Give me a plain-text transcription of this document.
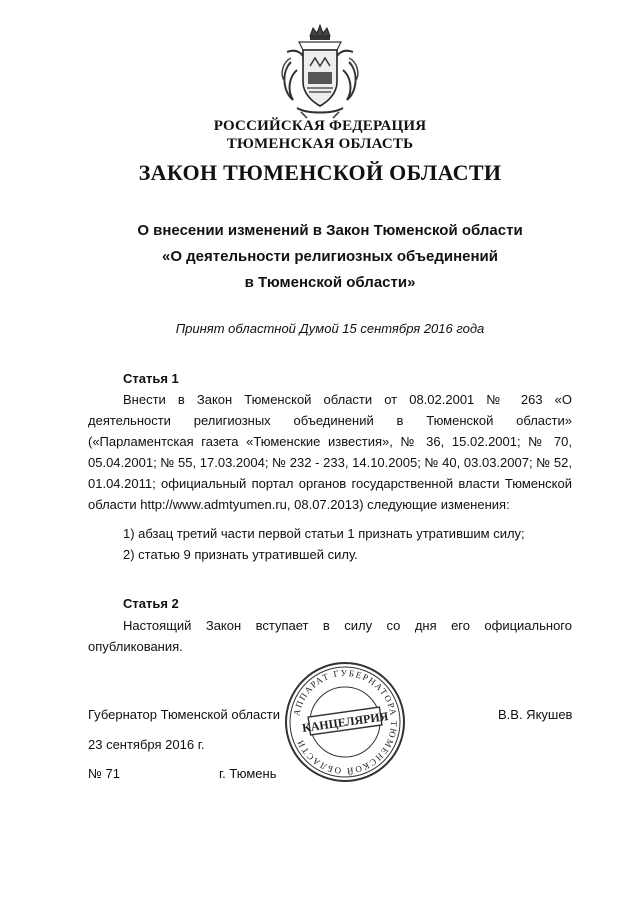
РОССИЙСКАЯ ФЕДЕРАЦИЯ
ТЮМЕНСКАЯ ОБЛАСТЬ
ЗАКОН ТЮМЕНСКОЙ ОБЛАСТИ
О внесении изменений в Закон Тюменской области
«О деятельности религиозных объединений
в Тюменской области»
Принят областной Думой 15 сентября 2016 года
Статья 1
Внести в Закон Тюменской области от 08.02.2001 № 263 «О деятельности религиозных объединений в Тюменской области» («Парламентская газета «Тюменские известия», № 36, 15.02.2001; № 70, 05.04.2001; № 55, 17.03.2004; № 232 - 233, 14.10.2005; № 40, 03.03.2007; № 52, 01.04.2011; официальный портал органов государственной власти Тюменской области http://www.admtyumen.ru, 08.07.2013) следующие изменения:
1) абзац третий части первой статьи 1 признать утратившим силу;
2) статью 9 признать утратившей силу.
Статья 2
Настоящий Закон вступает в силу со дня его официального опубликования.
Губернатор Тюменской области	В.В. Якушев
23 сентября 2016 г.
№ 71	г. Тюмень
АППАРАТ ГУБЕРНАТОРА ТЮМЕНСКОЙ ОБЛАСТИ
КАНЦЕЛЯРИЯ
